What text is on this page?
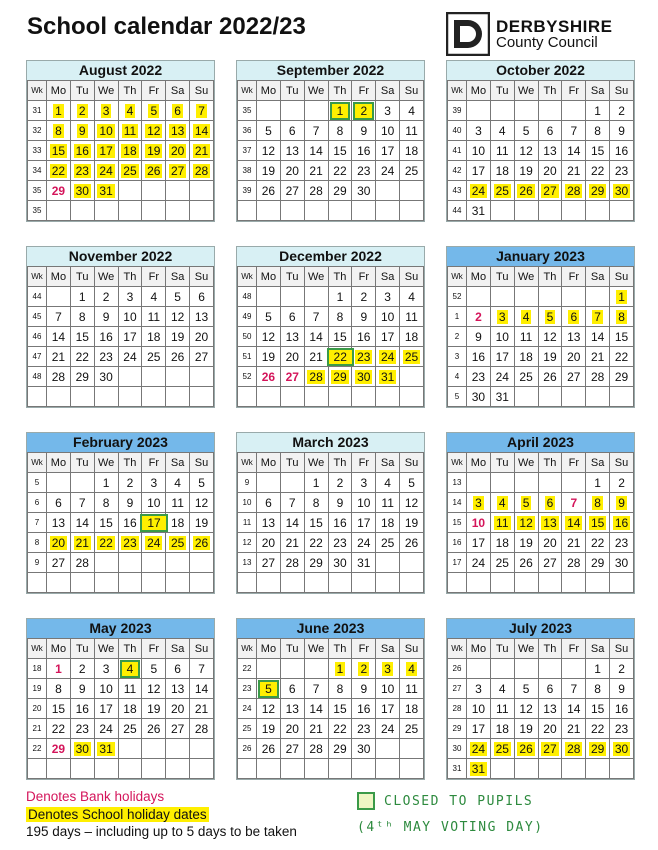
School calendar 2022/23	DERBYSHIRE
County Council
August 2022
Wk	Mo	Tu	We	Th	Fr	Sa	Su
31	1	2	3	4	5	6	7
32	8	9	10	11	12	13	14
33	15	16	17	18	19	20	21
34	22	23	24	25	26	27	28
35	29	30	31				
35							
September 2022
Wk	Mo	Tu	We	Th	Fr	Sa	Su
35				1	2	3	4
36	5	6	7	8	9	10	11
37	12	13	14	15	16	17	18
38	19	20	21	22	23	24	25
39	26	27	28	29	30		

October 2022
Wk	Mo	Tu	We	Th	Fr	Sa	Su
39						1	2
40	3	4	5	6	7	8	9
41	10	11	12	13	14	15	16
42	17	18	19	20	21	22	23
43	24	25	26	27	28	29	30
44	31						
November 2022
Wk	Mo	Tu	We	Th	Fr	Sa	Su
44		1	2	3	4	5	6
45	7	8	9	10	11	12	13
46	14	15	16	17	18	19	20
47	21	22	23	24	25	26	27
48	28	29	30				

December 2022
Wk	Mo	Tu	We	Th	Fr	Sa	Su
48				1	2	3	4
49	5	6	7	8	9	10	11
50	12	13	14	15	16	17	18
51	19	20	21	22	23	24	25
52	26	27	28	29	30	31	

January 2023
Wk	Mo	Tu	We	Th	Fr	Sa	Su
52							1
1	2	3	4	5	6	7	8
2	9	10	11	12	13	14	15
3	16	17	18	19	20	21	22
4	23	24	25	26	27	28	29
5	30	31					
February 2023
Wk	Mo	Tu	We	Th	Fr	Sa	Su
5			1	2	3	4	5
6	6	7	8	9	10	11	12
7	13	14	15	16	17	18	19
8	20	21	22	23	24	25	26
9	27	28					

March 2023
Wk	Mo	Tu	We	Th	Fr	Sa	Su
9			1	2	3	4	5
10	6	7	8	9	10	11	12
11	13	14	15	16	17	18	19
12	20	21	22	23	24	25	26
13	27	28	29	30	31		

April 2023
Wk	Mo	Tu	We	Th	Fr	Sa	Su
13						1	2
14	3	4	5	6	7	8	9
15	10	11	12	13	14	15	16
16	17	18	19	20	21	22	23
17	24	25	26	27	28	29	30

May 2023
Wk	Mo	Tu	We	Th	Fr	Sa	Su
18	1	2	3	4	5	6	7
19	8	9	10	11	12	13	14
20	15	16	17	18	19	20	21
21	22	23	24	25	26	27	28
22	29	30	31				

June 2023
Wk	Mo	Tu	We	Th	Fr	Sa	Su
22				1	2	3	4
23	5	6	7	8	9	10	11
24	12	13	14	15	16	17	18
25	19	20	21	22	23	24	25
26	26	27	28	29	30		

July 2023
Wk	Mo	Tu	We	Th	Fr	Sa	Su
26						1	2
27	3	4	5	6	7	8	9
28	10	11	12	13	14	15	16
29	17	18	19	20	21	22	23
30	24	25	26	27	28	29	30
31	31						
Denotes Bank holidays
Denotes School holiday dates
195 days – including up to 5 days to be taken
CLOSED TO PUPILS
(4ᵗʰ MAY VOTING DAY)
